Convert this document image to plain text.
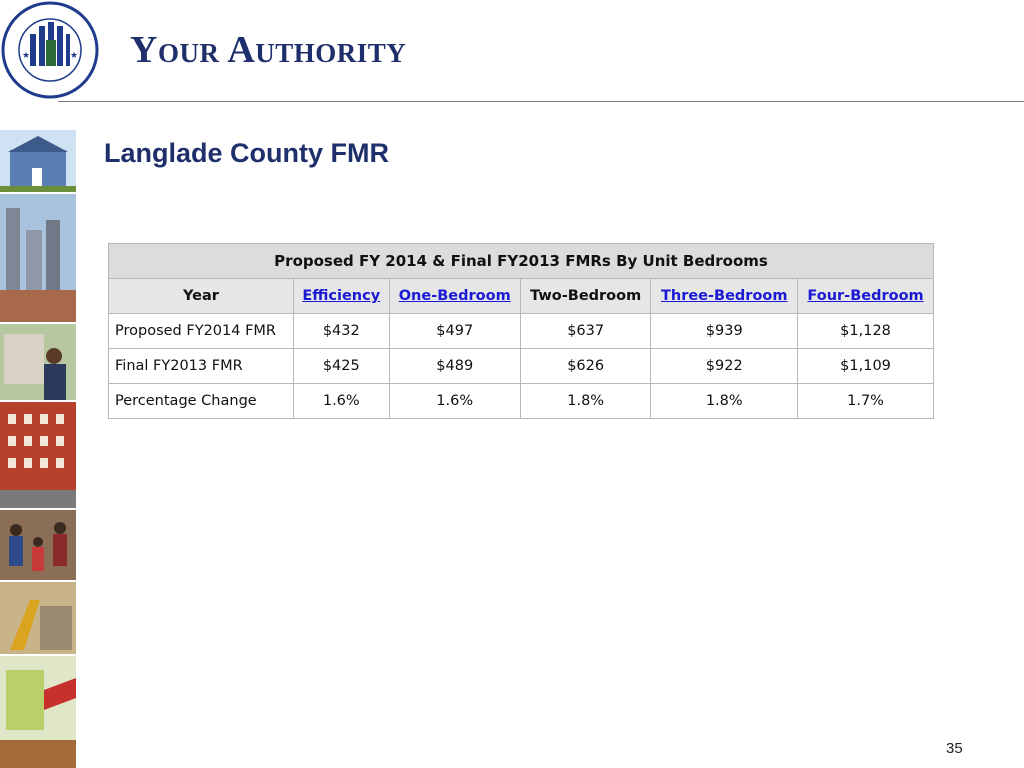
★	★ Your Authority
Langlade County FMR
Proposed FY 2014 & Final FY2013 FMRs By Unit Bedrooms					
Year	Efficiency	One-Bedroom	Two-Bedroom	Three-Bedroom	Four-Bedroom
Proposed FY2014 FMR	$432	$497	$637	$939	$1,128
Final FY2013 FMR	$425	$489	$626	$922	$1,109
Percentage Change	1.6%	1.6%	1.8%	1.8%	1.7%
35
